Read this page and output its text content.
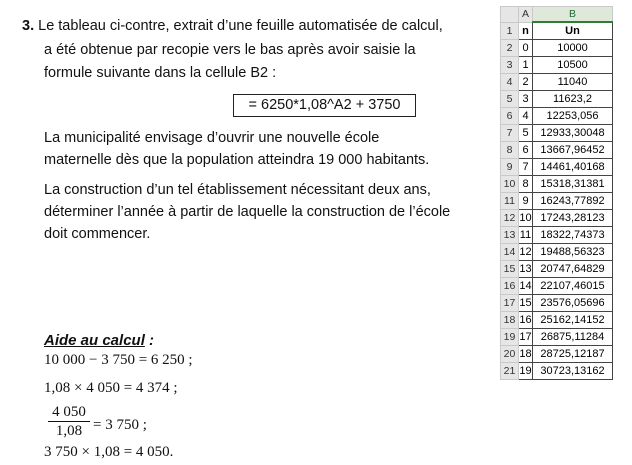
3. Le tableau ci-contre, extrait d’une feuille automatisée de calcul,
a été obtenue par recopie vers le bas après avoir saisie la
formule suivante dans la cellule B2 :
= 6250*1,08^A2 + 3750
La municipalité envisage d’ouvrir une nouvelle école
maternelle dès que la population atteindra 19 000 habitants.
La construction d’un tel établissement nécessitant deux ans,
déterminer l’année à partir de laquelle la construction de l’école
doit commencer.
Aide au calcul :
10 000 − 3 750 = 6 250 ;
1,08 × 4 050 = 4 374 ;
$\frac{4 050}{1,08} = 3$ 750 ;
3 750 × 1,08 = 4 050.
	A	B
1	n	Un
2	0	10000
3	1	10500
4	2	11040
5	3	11623,2
6	4	12253,056
7	5	12933,30048
8	6	13667,96452
9	7	14461,40168
10	8	15318,31381
11	9	16243,77892
12	10	17243,28123
13	11	18322,74373
14	12	19488,56323
15	13	20747,64829
16	14	22107,46015
17	15	23576,05696
18	16	25162,14152
19	17	26875,11284
20	18	28725,12187
21	19	30723,13162
